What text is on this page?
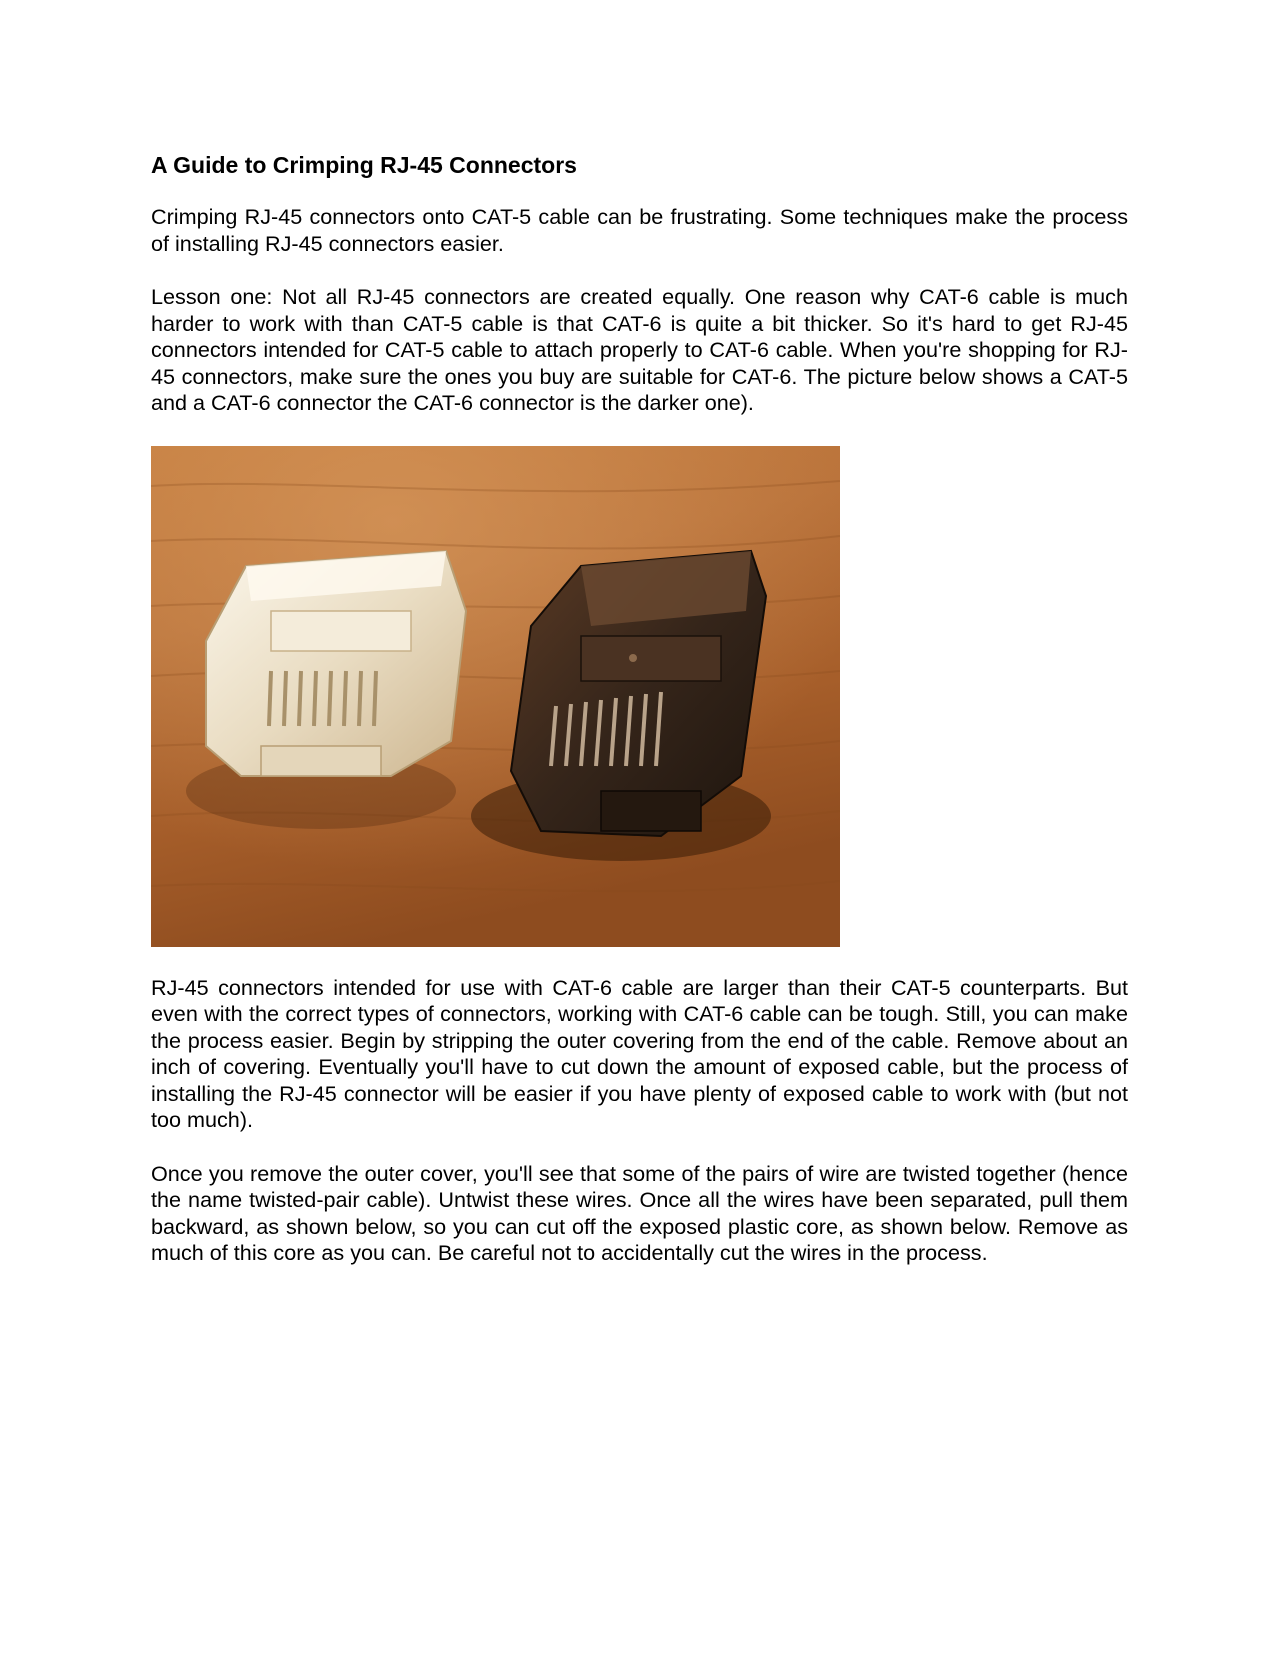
A Guide to Crimping RJ-45 Connectors

Crimping RJ-45 connectors onto CAT-5 cable can be frustrating. Some techniques make the process of installing RJ-45 connectors easier.

Lesson one: Not all RJ-45 connectors are created equally. One reason why CAT-6 cable is much harder to work with than CAT-5 cable is that CAT-6 is quite a bit thicker. So it's hard to get RJ-45 connectors intended for CAT-5 cable to attach properly to CAT-6 cable. When you're shopping for RJ-45 connectors, make sure the ones you buy are suitable for CAT-6. The picture below shows a CAT-5 and a CAT-6 connector the CAT-6 connector is the darker one).

RJ-45 connectors intended for use with CAT-6 cable are larger than their CAT-5 counterparts. But even with the correct types of connectors, working with CAT-6 cable can be tough. Still, you can make the process easier. Begin by stripping the outer covering from the end of the cable. Remove about an inch of covering. Eventually you'll have to cut down the amount of exposed cable, but the process of installing the RJ-45 connector will be easier if you have plenty of exposed cable to work with (but not too much).

Once you remove the outer cover, you'll see that some of the pairs of wire are twisted together (hence the name twisted-pair cable). Untwist these wires. Once all the wires have been separated, pull them backward, as shown below, so you can cut off the exposed plastic core, as shown below. Remove as much of this core as you can. Be careful not to accidentally cut the wires in the process.
